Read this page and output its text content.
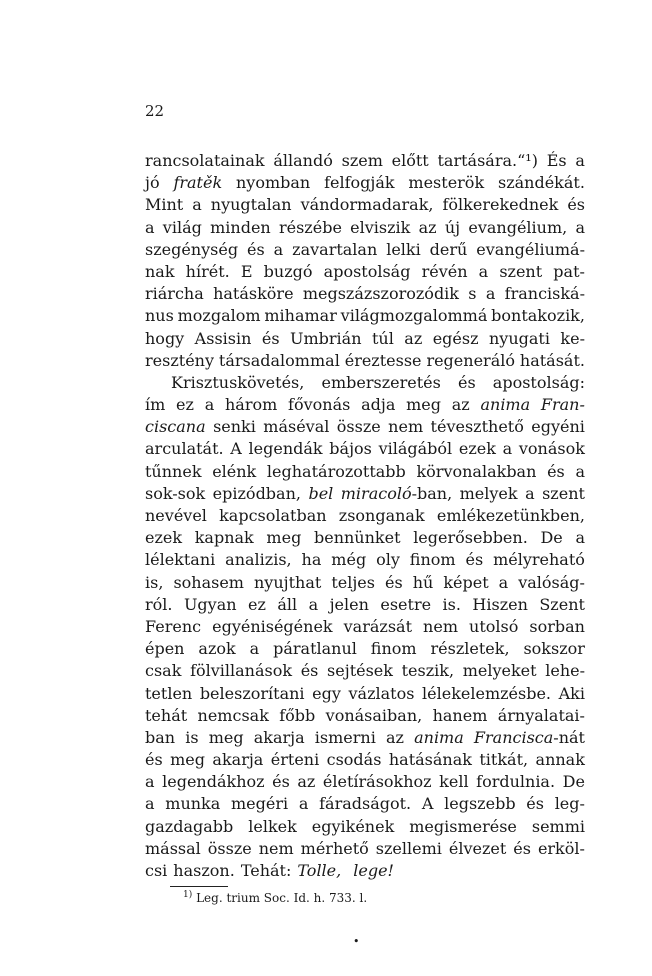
22
rancsolatainak állandó szem előtt tartására.“¹) És a
jó fratěk nyomban felfogják mesterök szándékát.
Mint a nyugtalan vándormadarak, fölkerekednek és
a világ minden részébe elviszik az új evangélium, a
szegénység és a zavartalan lelki derű evangéliumá-
nak hírét. E buzgó apostolság révén a szent pat-
riárcha hatásköre megszázszorozódik s a franciská-
nus mozgalom mihamar világmozgalommá bontakozik,
hogy Assisin és Umbrián túl az egész nyugati ke-
resztény társadalommal éreztesse regeneráló hatását.
Krisztuskövetés, emberszeretés és apostolság:
ím ez a három fővonás adja meg az anima Fran-
ciscana senki máséval össze nem téveszthető egyéni
arculatát. A legendák bájos világából ezek a vonások
tűnnek elénk leghatározottabb körvonalakban és a
sok-sok epizódban, bel miracoló-ban, melyek a szent
nevével kapcsolatban zsonganak emlékezetünkben,
ezek kapnak meg bennünket legerősebben. De a
lélektani analizis, ha még oly finom és mélyreható
is, sohasem nyujthat teljes és hű képet a valóság-
ról. Ugyan ez áll a jelen esetre is. Hiszen Szent
Ferenc egyéniségének varázsát nem utolsó sorban
épen azok a páratlanul finom részletek, sokszor
csak fölvillanások és sejtések teszik, melyeket lehe-
tetlen beleszorítani egy vázlatos lélekelemzésbe. Aki
tehát nemcsak főbb vonásaiban, hanem árnyalatai-
ban is meg akarja ismerni az anima Francisca-nát
és meg akarja érteni csodás hatásának titkát, annak
a legendákhoz és az életírásokhoz kell fordulnia. De
a munka megéri a fáradságot. A legszebb és leg-
gazdagabb lelkek egyikének megismerése semmi
mással össze nem mérhető szellemi élvezet és erköl-
csi haszon. Tehát: Tolle, lege!
$^{1)}$ Leg. trium Soc. Id. h. 733. l.
•
